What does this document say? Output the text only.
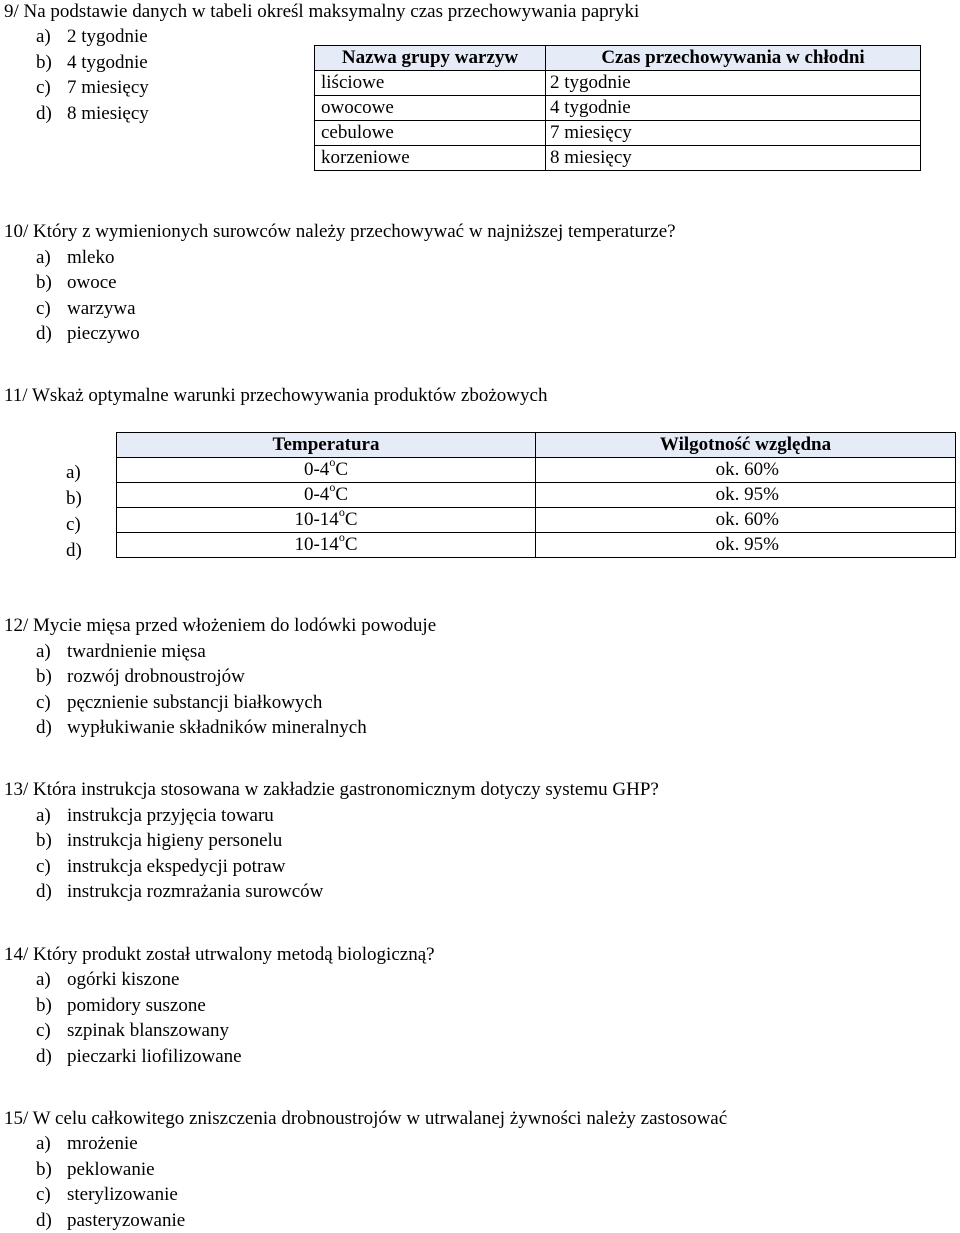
9/ Na podstawie danych w tabeli określ maksymalny czas przechowywania papryki
a) 2 tygodnie
b) 4 tygodnie
c) 7 miesięcy
d) 8 miesięcy
Nazwa grupy warzyw	Czas przechowywania w chłodni
liściowe	2 tygodnie
owocowe	4 tygodnie
cebulowe	7 miesięcy
korzeniowe	8 miesięcy
10/ Który z wymienionych surowców należy przechowywać w najniższej temperaturze?
a) mleko
b) owoce
c) warzywa
d) pieczywo
11/ Wskaż optymalne warunki przechowywania produktów zbożowych
a)
b)
c)
d)
Temperatura	Wilgotność względna
0-4$^o$C	ok. 60%
0-4$^o$C	ok. 95%
10-14$^o$C	ok. 60%
10-14$^o$C	ok. 95%
12/ Mycie mięsa przed włożeniem do lodówki powoduje
a) twardnienie mięsa
b) rozwój drobnoustrojów
c) pęcznienie substancji białkowych
d) wypłukiwanie składników mineralnych
13/ Która instrukcja stosowana w zakładzie gastronomicznym dotyczy systemu GHP?
a) instrukcja przyjęcia towaru
b) instrukcja higieny personelu
c) instrukcja ekspedycji potraw
d) instrukcja rozmrażania surowców
14/ Który produkt został utrwalony metodą biologiczną?
a) ogórki kiszone
b) pomidory suszone
c) szpinak blanszowany
d) pieczarki liofilizowane
15/ W celu całkowitego zniszczenia drobnoustrojów w utrwalanej żywności należy zastosować
a) mrożenie
b) peklowanie
c) sterylizowanie
d) pasteryzowanie
